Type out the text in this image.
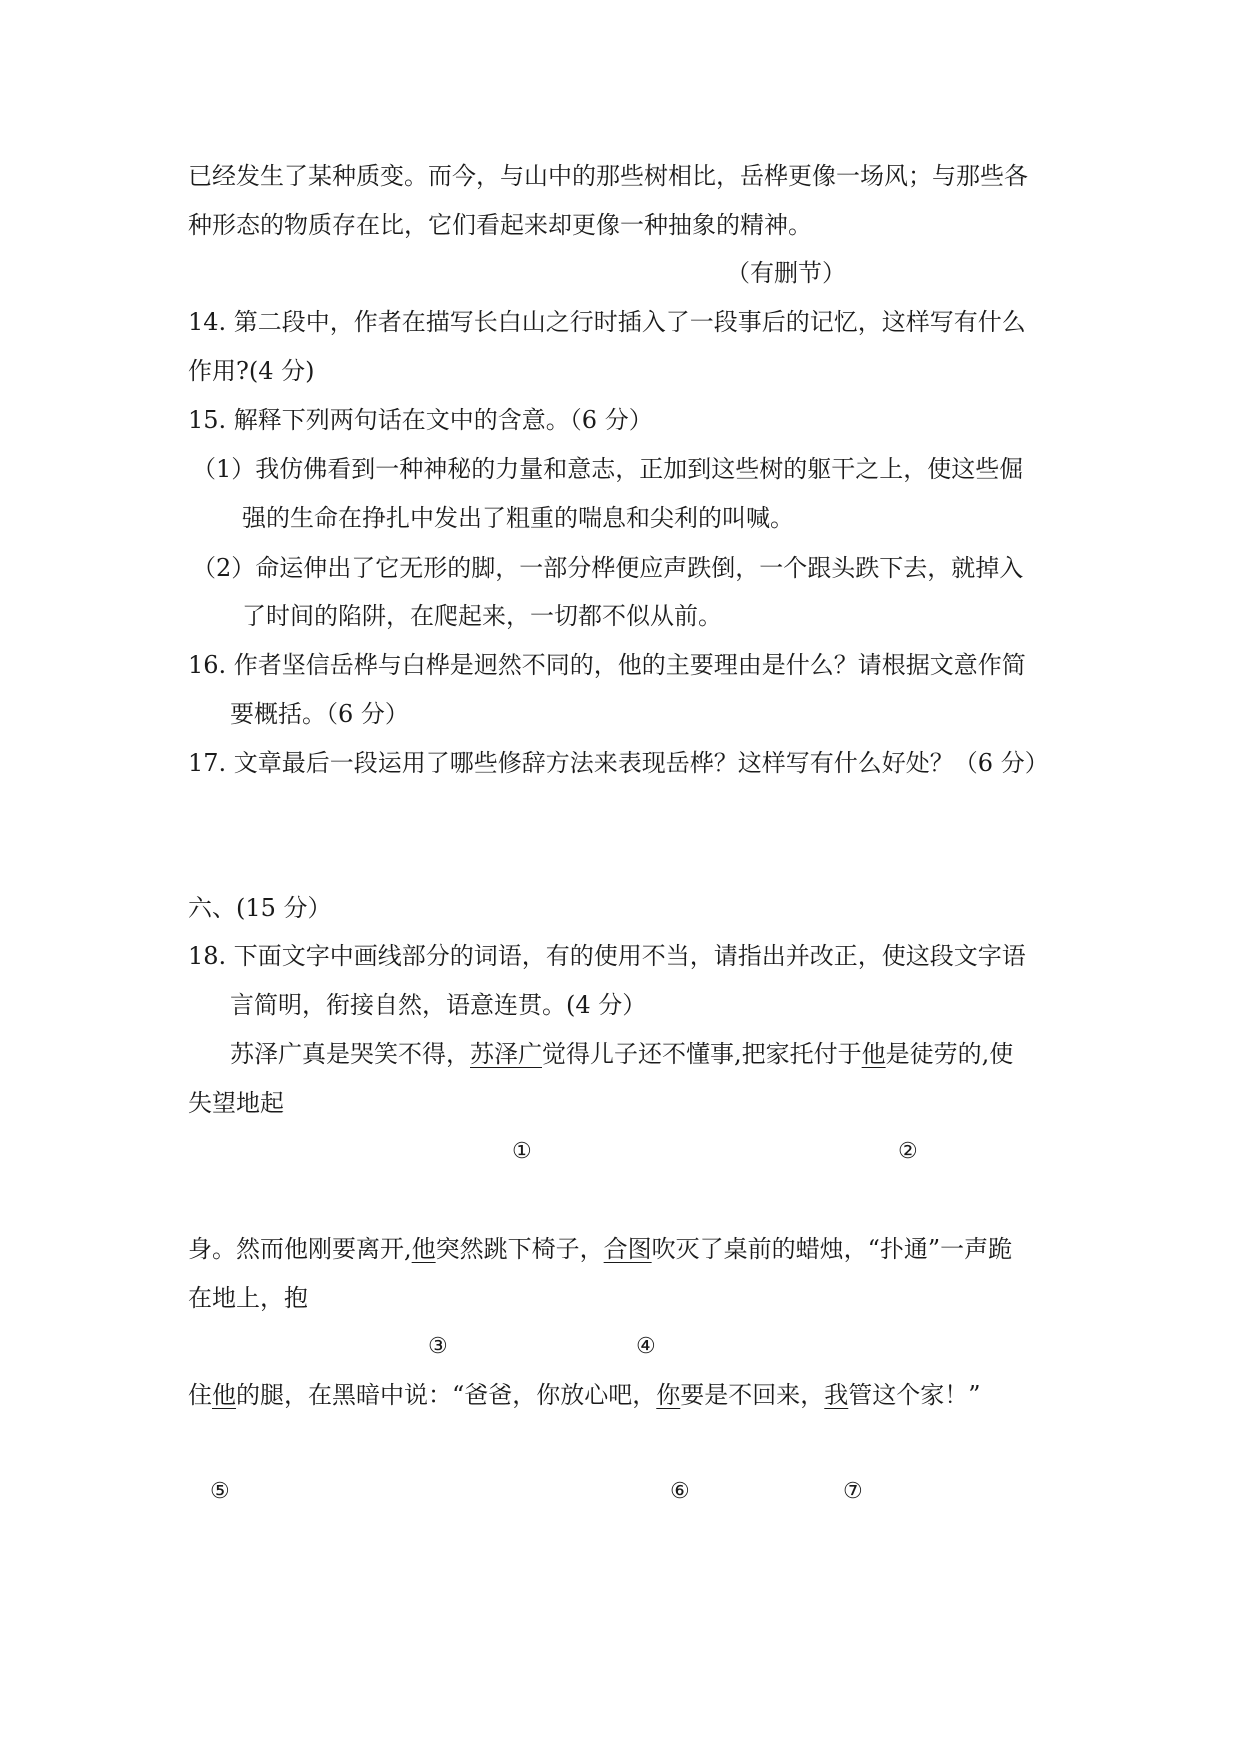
已经发生了某种质变。而今，与山中的那些树相比，岳桦更像一场风；与那些各
种形态的物质存在比，它们看起来却更像一种抽象的精神。
（有删节）
14. 第二段中，作者在描写长白山之行时插入了一段事后的记忆，这样写有什么
作用?(4 分)
15. 解释下列两句话在文中的含意。（6 分）
（1）我仿佛看到一种神秘的力量和意志，正加到这些树的躯干之上，使这些倔
强的生命在挣扎中发出了粗重的喘息和尖利的叫喊。
（2）命运伸出了它无形的脚，一部分桦便应声跌倒，一个跟头跌下去，就掉入
了时间的陷阱，在爬起来，一切都不似从前。
16. 作者坚信岳桦与白桦是迥然不同的，他的主要理由是什么？请根据文意作简
要概括。（6 分）
17. 文章最后一段运用了哪些修辞方法来表现岳桦？这样写有什么好处？（6 分）
六、(15 分）
18. 下面文字中画线部分的词语，有的使用不当，请指出并改正，使这段文字语
言简明，衔接自然，语意连贯。(4 分）
苏泽广真是哭笑不得，苏泽广觉得儿子还不懂事,把家托付于他是徒劳的,使
失望地起
①	②
身。然而他刚要离开,他突然跳下椅子，合图吹灭了桌前的蜡烛，“扑通”一声跪
在地上，抱
③	④
住他的腿，在黑暗中说：“爸爸，你放心吧，你要是不回来，我管这个家！”
⑤	⑥	⑦
